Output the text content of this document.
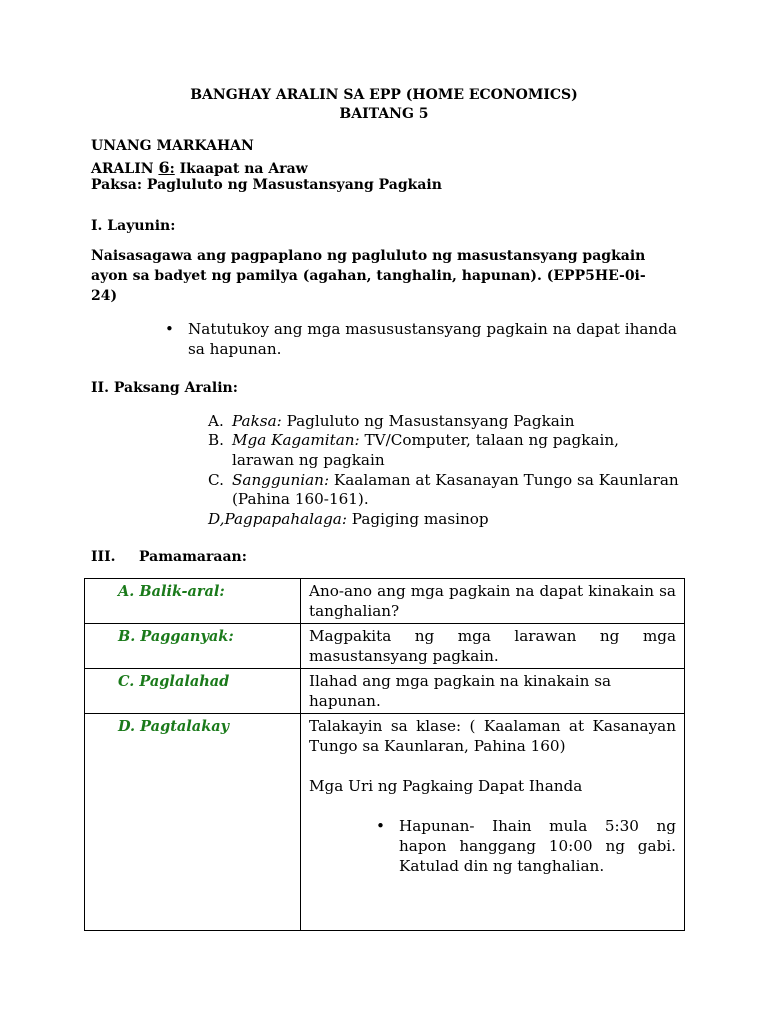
BANGHAY ARALIN SA EPP (HOME ECONOMICS)
BAITANG 5
UNANG MARKAHAN
ARALIN 6: Ikaapat na Araw
Paksa: Pagluluto ng Masustansyang Pagkain
I. Layunin:
Naisasagawa ang pagpaplano ng pagluluto ng masustansyang pagkain
ayon sa badyet ng pamilya (agahan, tanghalin, hapunan). (EPP5HE-0i-
24)
• Natutukoy ang mga masusustansyang pagkain na dapat ihanda
sa hapunan.
II. Paksang Aralin:
A. Paksa: Pagluluto ng Masustansyang Pagkain
B. Mga Kagamitan: TV/Computer, talaan ng pagkain,
larawan ng pagkain
C. Sanggunian: Kaalaman at Kasanayan Tungo sa Kaunlaran
(Pahina 160-161).
D,Pagpapahalaga: Pagiging masinop
III. Pamamaraan:
A. Balik-aral:	Ano-ano ang mga pagkain na dapat kinakain sa tanghalian?
B. Pagganyak:	Magpakita ng mga larawan ng mga masustansyang pagkain.
C. Paglalahad	Ilahad ang mga pagkain na kinakain sa hapunan.
D. Pagtalakay	Talakayin sa klase: ( Kaalaman at Kasanayan Tungo sa Kaunlaran, Pahina 160)
Mga Uri ng Pagkaing Dapat Ihanda
• Hapunan- Ihain mula 5:30 ng hapon hanggang 10:00 ng gabi. Katulad din ng tanghalian.
